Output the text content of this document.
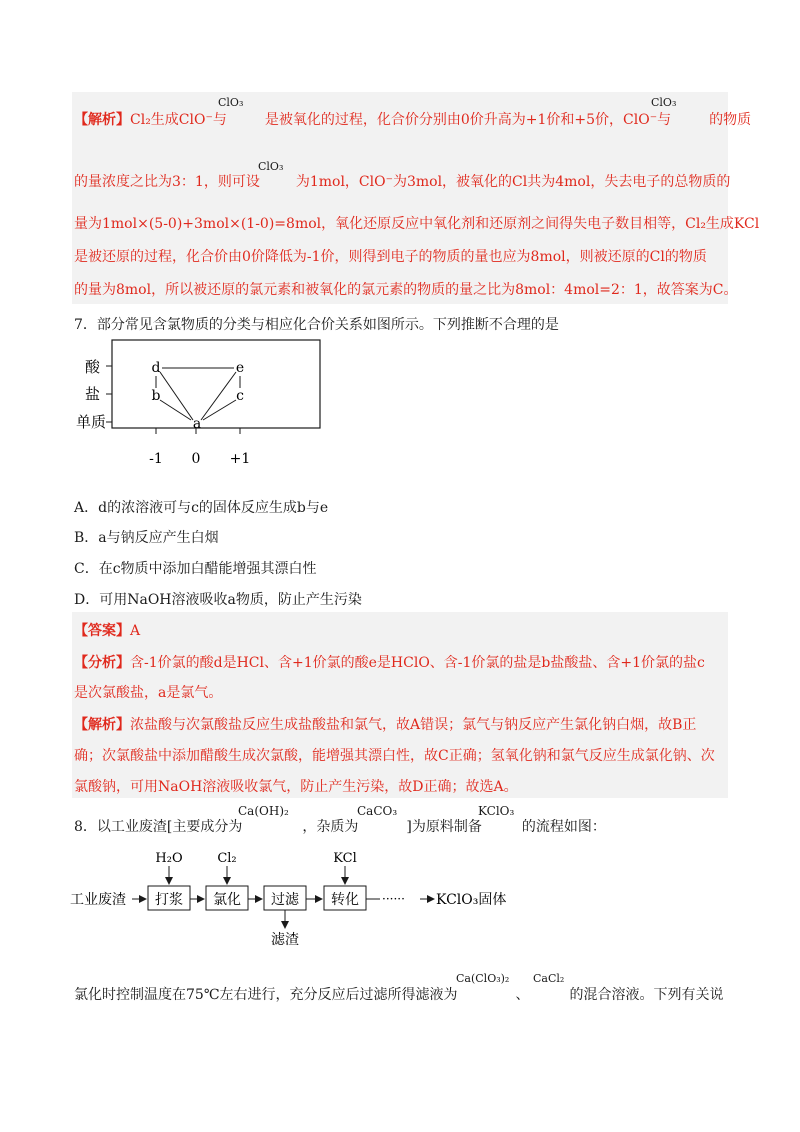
【解析】Cl₂生成ClO⁻与	是被氧化的过程，化合价分别由0价升高为+1价和+5价，ClO⁻与	的物质
ClO₃	ClO₃
的量浓度之比为3：1，则可设	为1mol，ClO⁻为3mol，被氧化的Cl共为4mol，失去电子的总物质的
ClO₃
量为1mol×(5-0)+3mol×(1-0)=8mol，氧化还原反应中氧化剂和还原剂之间得失电子数目相等，Cl₂生成KCl
是被还原的过程，化合价由0价降低为-1价，则得到电子的物质的量也应为8mol，则被还原的Cl的物质
的量为8mol，所以被还原的氯元素和被氧化的氯元素的物质的量之比为8mol：4mol=2：1，故答案为C。
7．部分常见含氯物质的分类与相应化合价关系如图所示。下列推断不合理的是
酸
盐
单质
-1 0 +1
d	e
b	c
a
A．d的浓溶液可与c的固体反应生成b与e
B．a与钠反应产生白烟
C．在c物质中添加白醋能增强其漂白性
D．可用NaOH溶液吸收a物质，防止产生污染
【答案】A
【分析】含-1价氯的酸d是HCl、含+1价氯的酸e是HClO、含-1价氯的盐是b盐酸盐、含+1价氯的盐c
是次氯酸盐，a是氯气。
【解析】浓盐酸与次氯酸盐反应生成盐酸盐和氯气，故A错误；氯气与钠反应产生氯化钠白烟，故B正
确；次氯酸盐中添加醋酸生成次氯酸，能增强其漂白性，故C正确；氢氧化钠和氯气反应生成氯化钠、次
氯酸钠，可用NaOH溶液吸收氯气，防止产生污染，故D正确；故选A。
8．以工业废渣[主要成分为	，杂质为	]为原料制备	的流程如图：
Ca(OH)₂	CaCO₃	KClO₃
工业废渣 打浆 氯化 过滤 转化 ······ KClO₃固体
H₂O	Cl₂	KCl
滤渣
氯化时控制温度在75℃左右进行，充分反应后过滤所得滤液为	、	的混合溶液。下列有关说
Ca(ClO₃)₂ CaCl₂
